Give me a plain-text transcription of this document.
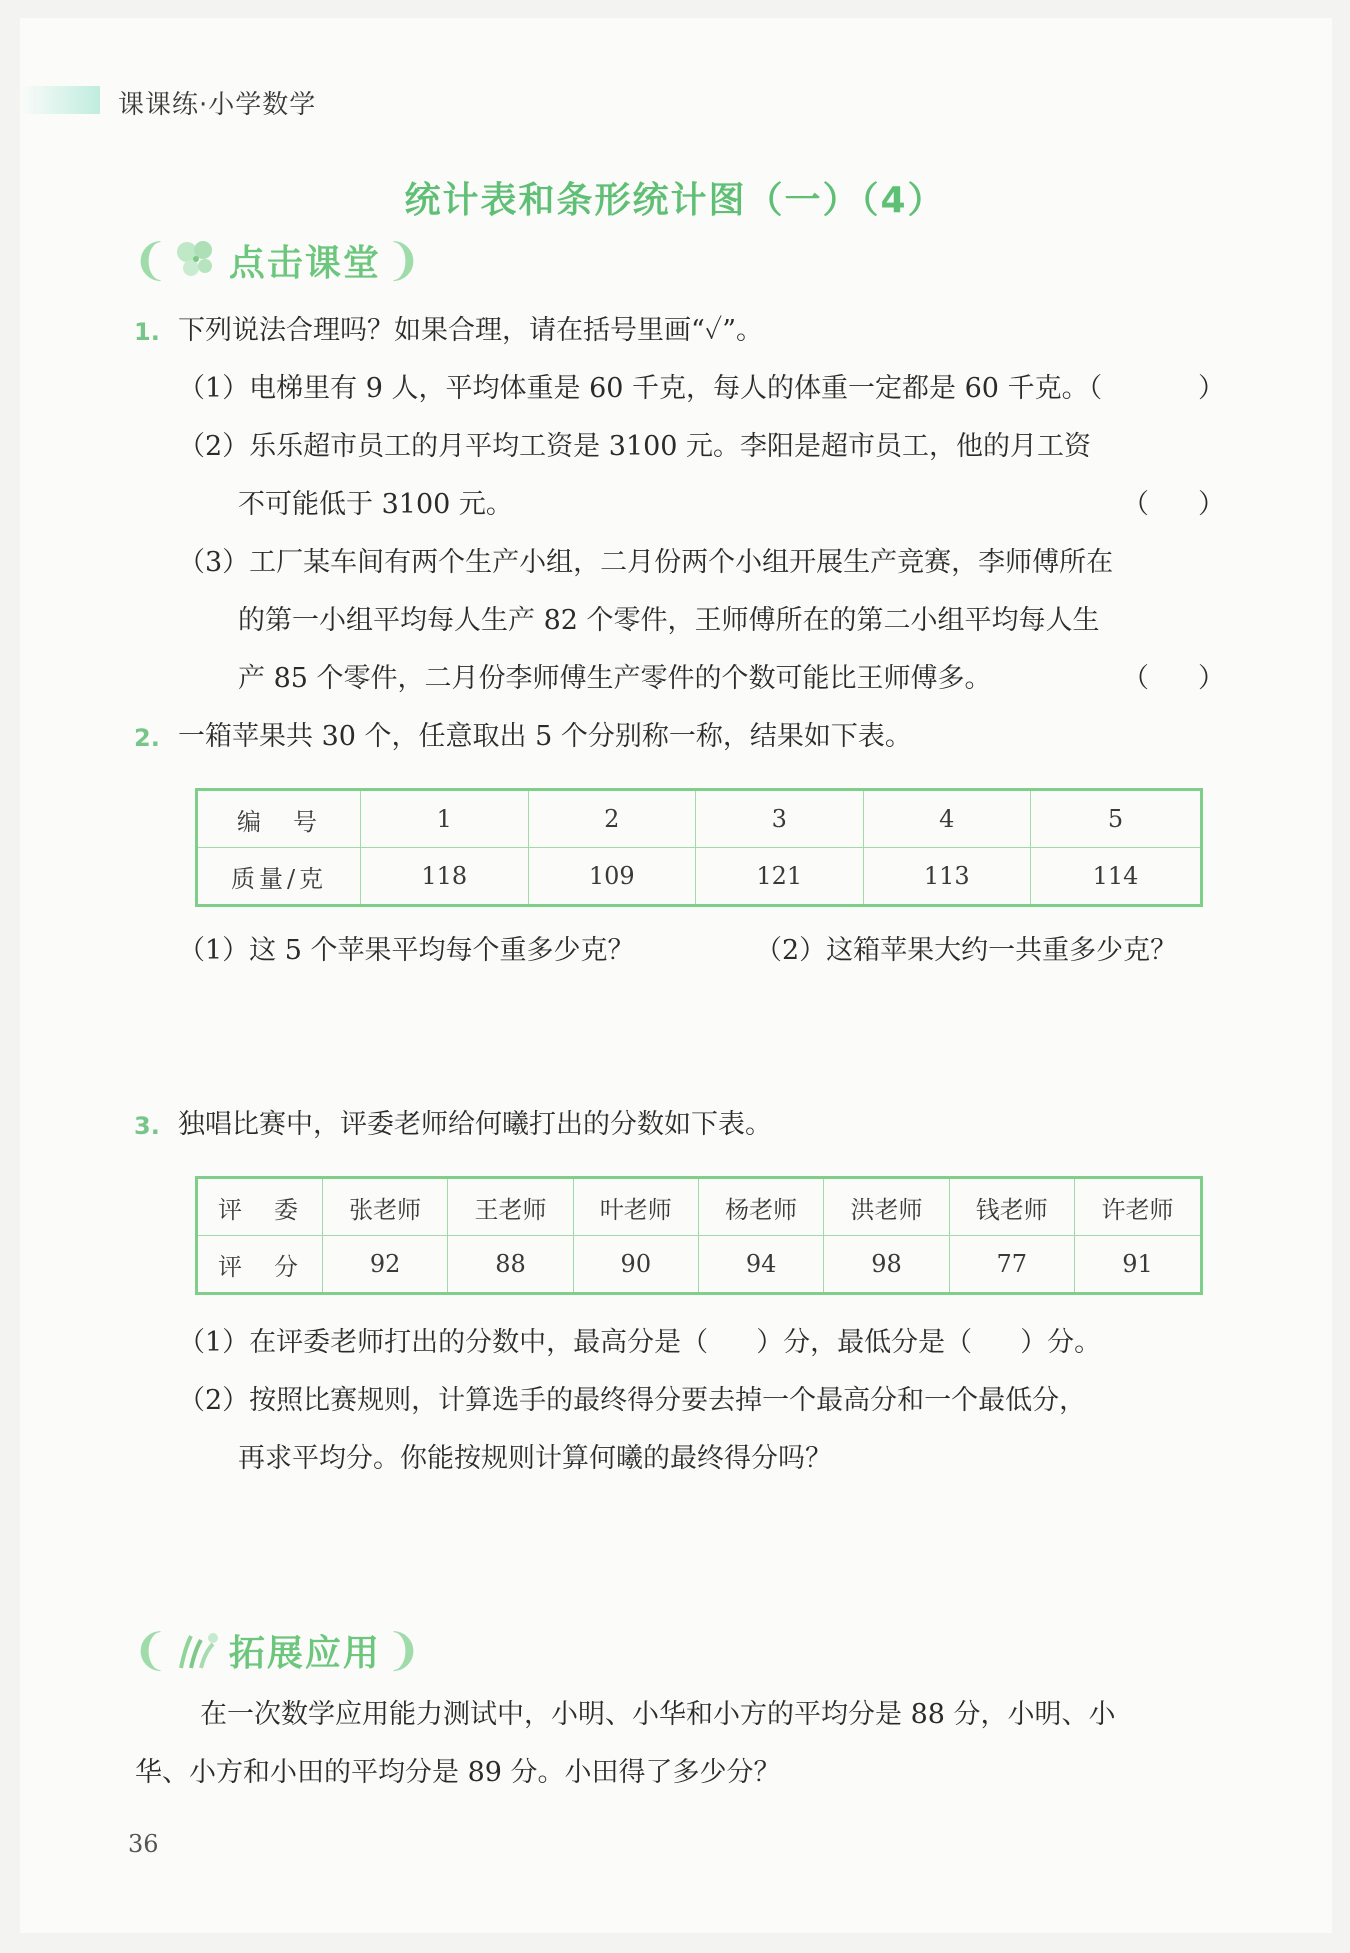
课课练·小学数学
统计表和条形统计图（一）（4）
❨ 点击课堂 ❩
1. 下列说法合理吗？如果合理，请在括号里画“✓”。
（1）电梯里有 9 人，平均体重是 60 千克，每人的体重一定都是 60 千克。（	）
（2）乐乐超市员工的月平均工资是 3100 元。李阳是超市员工，他的月工资
不可能低于 3100 元。	（ ）
（3）工厂某车间有两个生产小组，二月份两个小组开展生产竞赛，李师傅所在
的第一小组平均每人生产 82 个零件，王师傅所在的第二小组平均每人生
产 85 个零件，二月份李师傅生产零件的个数可能比王师傅多。	（ ）
2. 一箱苹果共 30 个，任意取出 5 个分别称一称，结果如下表。
编　号	1	2	3	4	5
质量/克	118	109	121	113	114
（1）这 5 个苹果平均每个重多少克？	（2）这箱苹果大约一共重多少克？
3. 独唱比赛中，评委老师给何曦打出的分数如下表。
评　委	张老师	王老师	叶老师	杨老师	洪老师	钱老师	许老师
评　分	92	88	90	94	98	77	91
（1）在评委老师打出的分数中，最高分是（ ）分，最低分是（ ）分。
（2）按照比赛规则，计算选手的最终得分要去掉一个最高分和一个最低分，
再求平均分。你能按规则计算何曦的最终得分吗？
❨ 拓展应用 ❩
在一次数学应用能力测试中，小明、小华和小方的平均分是 88 分，小明、小
华、小方和小田的平均分是 89 分。小田得了多少分？
36
